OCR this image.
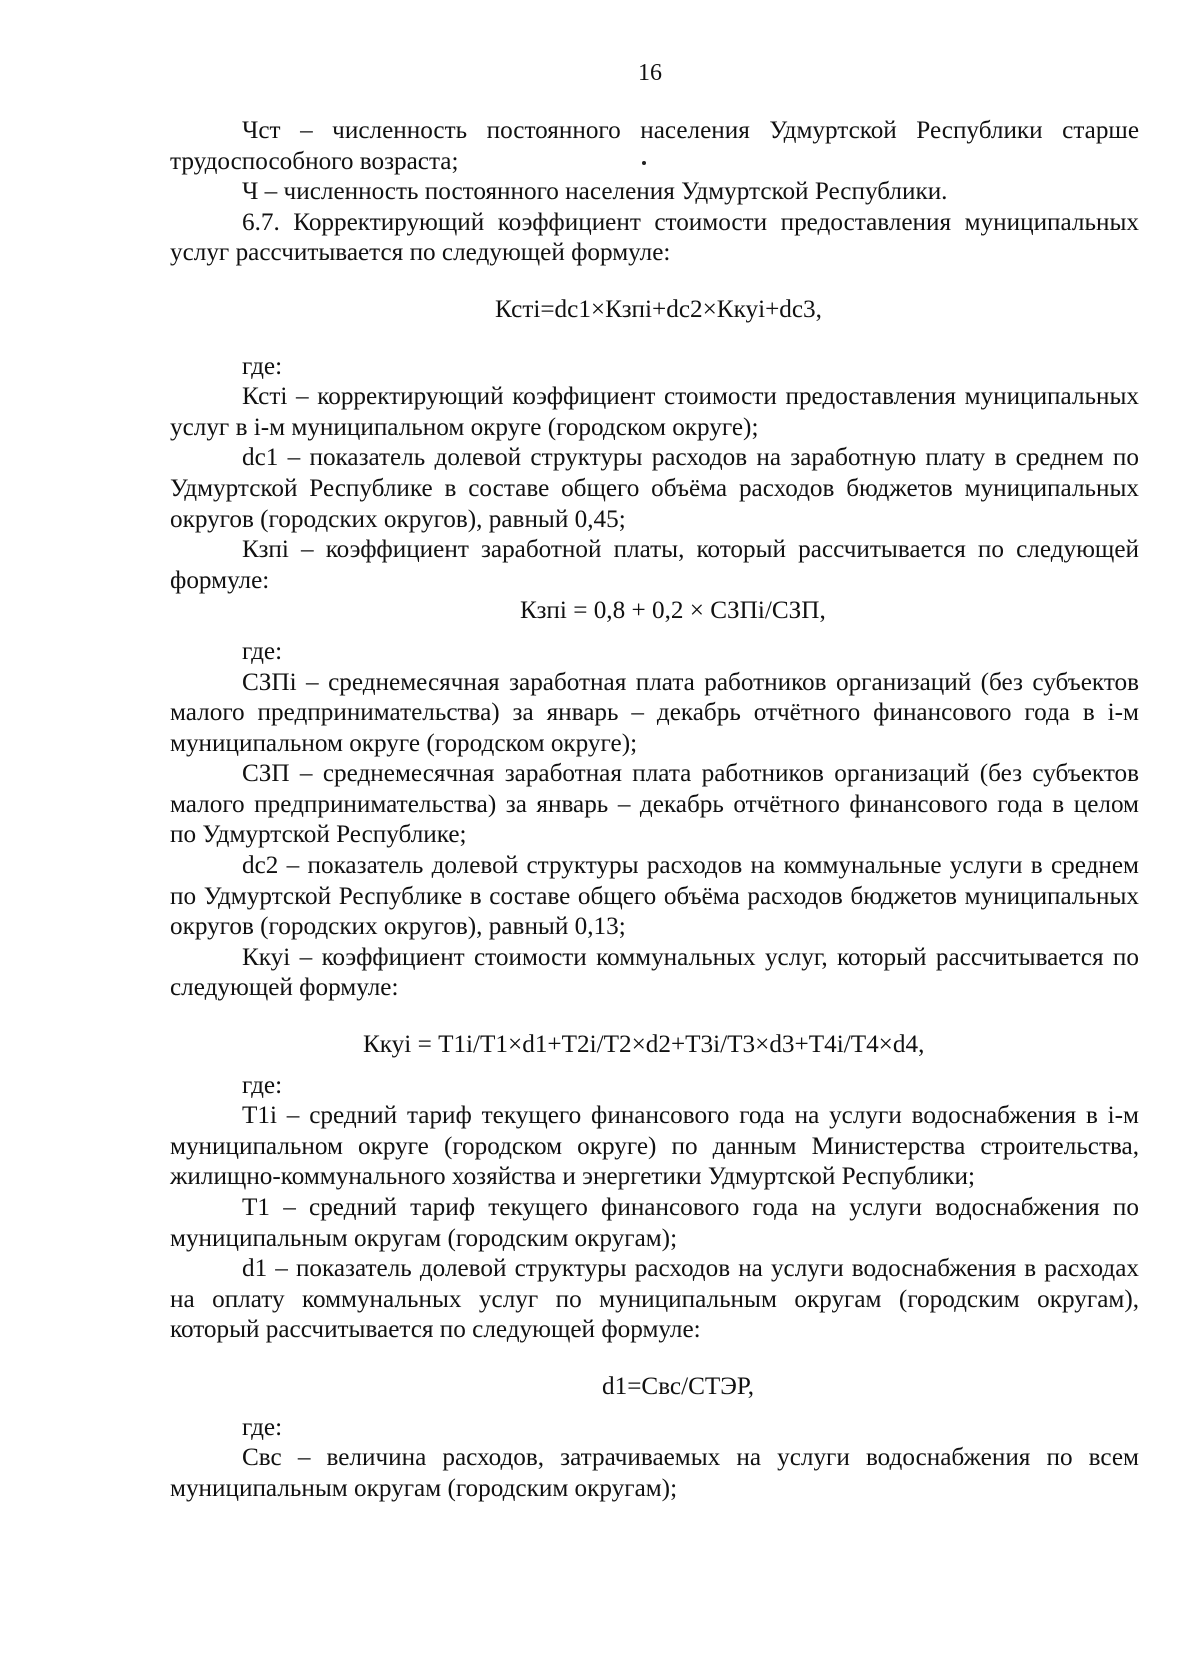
16

Чст – численность постоянного населения Удмуртской Республики старше трудоспособного возраста;

Ч – численность постоянного населения Удмуртской Республики.

6.7. Корректирующий коэффициент стоимости предоставления муниципальных услуг рассчитывается по следующей формуле:

Кстi=dc1×Кзпi+dc2×Ккуi+dc3,

где:

Кстi – корректирующий коэффициент стоимости предоставления муниципальных услуг в i-м муниципальном округе (городском округе);

dc1 – показатель долевой структуры расходов на заработную плату в среднем по Удмуртской Республике в составе общего объёма расходов бюджетов муниципальных округов (городских округов), равный 0,45;

Кзпi – коэффициент заработной платы, который рассчитывается по следующей формуле:

Кзпi = 0,8 + 0,2 × СЗПi/СЗП,

где:

СЗПi – среднемесячная заработная плата работников организаций (без субъектов малого предпринимательства) за январь – декабрь отчётного финансового года в i-м муниципальном округе (городском округе);

СЗП – среднемесячная заработная плата работников организаций (без субъектов малого предпринимательства) за январь – декабрь отчётного финансового года в целом по Удмуртской Республике;

dc2 – показатель долевой структуры расходов на коммунальные услуги в среднем по Удмуртской Республике в составе общего объёма расходов бюджетов муниципальных округов (городских округов), равный 0,13;

Ккуi – коэффициент стоимости коммунальных услуг, который рассчитывается по следующей формуле:

Ккуi = Т1i/Т1×d1+Т2i/Т2×d2+Т3i/Т3×d3+Т4i/Т4×d4,

где:

Т1i – средний тариф текущего финансового года на услуги водоснабжения в i-м муниципальном округе (городском округе) по данным Министерства строительства, жилищно-коммунального хозяйства и энергетики Удмуртской Республики;

Т1 – средний тариф текущего финансового года на услуги водоснабжения по муниципальным округам (городским округам);

d1 – показатель долевой структуры расходов на услуги водоснабжения в расходах на оплату коммунальных услуг по муниципальным округам (городским округам), который рассчитывается по следующей формуле:

d1=Свс/СТЭР,

где:

Свс – величина расходов, затрачиваемых на услуги водоснабжения по всем муниципальным округам (городским округам);
